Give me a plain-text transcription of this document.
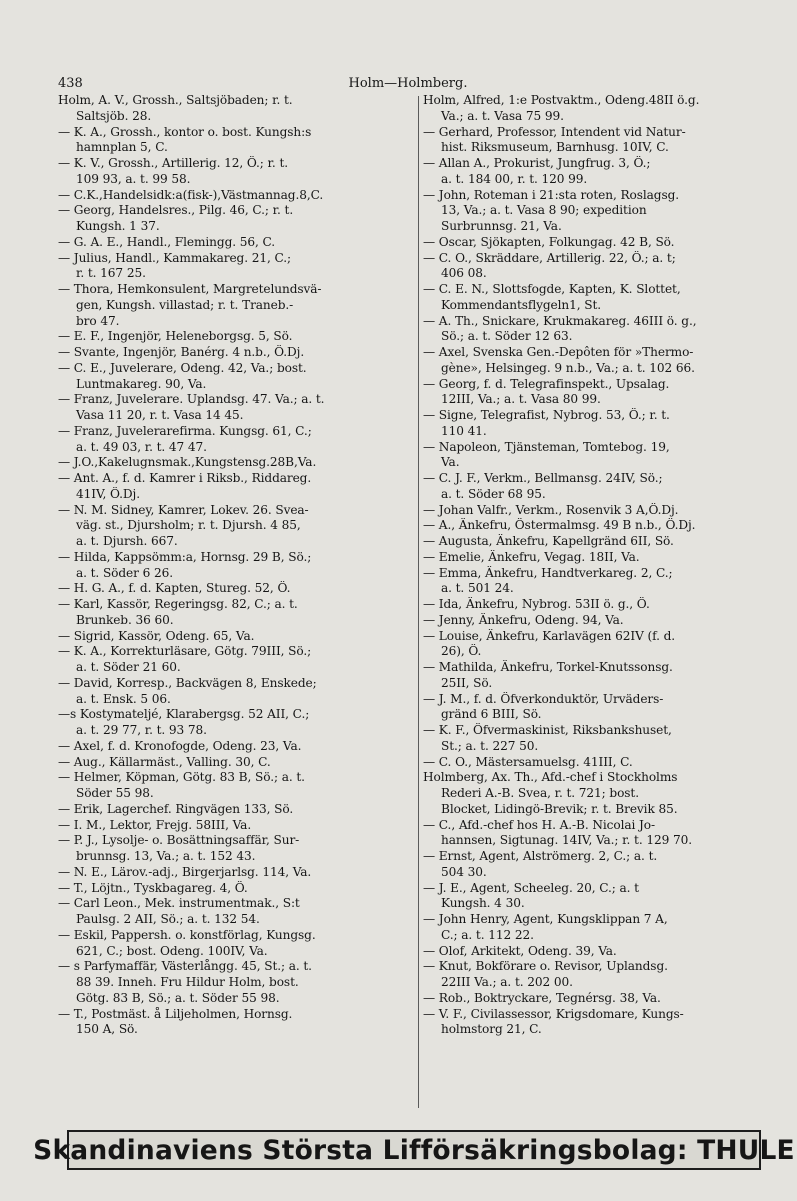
438	Holm—Holmberg.
Holm, A. V., Grossh., Saltsjöbaden; r. t.
Saltsjöb. 28.
— K. A., Grossh., kontor o. bost. Kungsh:s
hamnplan 5, C.
— K. V., Grossh., Artillerig. 12, Ö.; r. t.
109 93, a. t. 99 58.
— C.K.,Handelsidk:a(fisk-),Västmannag.8,C.
— Georg, Handelsres., Pilg. 46, C.; r. t.
Kungsh. 1 37.
— G. A. E., Handl., Flemingg. 56, C.
— Julius, Handl., Kammakareg. 21, C.;
r. t. 167 25.
— Thora, Hemkonsulent, Margretelundsvä-
gen, Kungsh. villastad; r. t. Traneb.-
bro 47.
— E. F., Ingenjör, Heleneborgsg. 5, Sö.
— Svante, Ingenjör, Banérg. 4 n.b., Ö.Dj.
— C. E., Juvelerare, Odeng. 42, Va.; bost.
Luntmakareg. 90, Va.
— Franz, Juvelerare. Uplandsg. 47. Va.; a. t.
Vasa 11 20, r. t. Vasa 14 45.
— Franz, Juvelerarefirma. Kungsg. 61, C.;
a. t. 49 03, r. t. 47 47.
— J.O.,Kakelugnsmak.,Kungstensg.28B,Va.
— Ant. A., f. d. Kamrer i Riksb., Riddareg.
41IV, Ö.Dj.
— N. M. Sidney, Kamrer, Lokev. 26. Svea-
väg. st., Djursholm; r. t. Djursh. 4 85,
a. t. Djursh. 667.
— Hilda, Kappsömm:a, Hornsg. 29 B, Sö.;
a. t. Söder 6 26.
— H. G. A., f. d. Kapten, Stureg. 52, Ö.
— Karl, Kassör, Regeringsg. 82, C.; a. t.
Brunkeb. 36 60.
— Sigrid, Kassör, Odeng. 65, Va.
— K. A., Korrekturläsare, Götg. 79III, Sö.;
a. t. Söder 21 60.
— David, Korresp., Backvägen 8, Enskede;
a. t. Ensk. 5 06.
—s Kostymatelјé, Klarabergsg. 52 AII, C.;
a. t. 29 77, r. t. 93 78.
— Axel, f. d. Kronofogde, Odeng. 23, Va.
— Aug., Källarmäst., Valling. 30, C.
— Helmer, Köpman, Götg. 83 B, Sö.; a. t.
Söder 55 98.
— Erik, Lagerchef. Ringvägen 133, Sö.
— I. M., Lektor, Frejg. 58III, Va.
— P. J., Lysolje- o. Bosättningsaffär, Sur-
brunnsg. 13, Va.; a. t. 152 43.
— N. E., Lärov.-adj., Birgerjarlsg. 114, Va.
— T., Löjtn., Tyskbagareg. 4, Ö.
— Carl Leon., Mek. instrumentmak., S:t
Paulsg. 2 AII, Sö.; a. t. 132 54.
— Eskil, Pappersh. o. konstförlag, Kungsg.
621, C.; bost. Odeng. 100IV, Va.
— s Parfymaffär, Västerlångg. 45, St.; a. t.
88 39. Inneh. Fru Hildur Holm, bost.
Götg. 83 B, Sö.; a. t. Söder 55 98.
— T., Postmäst. å Liljeholmen, Hornsg.
150 A, Sö.
Holm, Alfred, 1:e Postvaktm., Odeng.48II ö.g.
Va.; a. t. Vasa 75 99.
— Gerhard, Professor, Intendent vid Natur-
hist. Riksmuseum, Barnhusg. 10IV, C.
— Allan A., Prokurist, Jungfrug. 3, Ö.;
a. t. 184 00, r. t. 120 99.
— John, Roteman i 21:sta roten, Roslagsg.
13, Va.; a. t. Vasa 8 90; expedition
Surbrunnsg. 21, Va.
— Oscar, Sjökapten, Folkungag. 42 B, Sö.
— C. O., Skräddare, Artillerig. 22, Ö.; a. t;
406 08.
— C. E. N., Slottsfogde, Kapten, K. Slottet,
Kommendantsflygeln1, St.
— A. Th., Snickare, Krukmakareg. 46III ö. g.,
Sö.; a. t. Söder 12 63.
— Axel, Svenska Gen.-Depôten för »Thermo-
gène», Helsingeg. 9 n.b., Va.; a. t. 102 66.
— Georg, f. d. Telegrafinspekt., Upsalag.
12III, Va.; a. t. Vasa 80 99.
— Signe, Telegrafist, Nybrog. 53, Ö.; r. t.
110 41.
— Napoleon, Tjänsteman, Tomtebog. 19,
Va.
— C. J. F., Verkm., Bellmansg. 24IV, Sö.;
a. t. Söder 68 95.
— Johan Valfr., Verkm., Rosenvik 3 A,Ö.Dj.
— A., Änkefru, Östermalmsg. 49 B n.b., Ö.Dj.
— Augusta, Änkefru, Kapellgränd 6II, Sö.
— Emelie, Änkefru, Vegag. 18II, Va.
— Emma, Änkefru, Handtverkareg. 2, C.;
a. t. 501 24.
— Ida, Änkefru, Nybrog. 53II ö. g., Ö.
— Jenny, Änkefru, Odeng. 94, Va.
— Louise, Änkefru, Karlavägen 62IV (f. d.
26), Ö.
— Mathilda, Änkefru, Torkel-Knutssonsg.
25II, Sö.
— J. M., f. d. Öfverkonduktör, Urväders-
gränd 6 BIII, Sö.
— K. F., Öfvermaskinist, Riksbankshuset,
St.; a. t. 227 50.
— C. O., Mästersamuelsg. 41III, C.
Holmberg, Ax. Th., Afd.-chef i Stockholms
Rederi A.-B. Svea, r. t. 721; bost.
Blocket, Lidingö-Brevik; r. t. Brevik 85.
— C., Afd.-chef hos H. A.-B. Nicolai Jo-
hannsen, Sigtunag. 14IV, Va.; r. t. 129 70.
— Ernst, Agent, Alströmerg. 2, C.; a. t.
504 30.
— J. E., Agent, Scheeleg. 20, C.; a. t
Kungsh. 4 30.
— John Henry, Agent, Kungsklippan 7 A,
C.; a. t. 112 22.
— Olof, Arkitekt, Odeng. 39, Va.
— Knut, Bokförare o. Revisor, Uplandsg.
22III Va.; a. t. 202 00.
— Rob., Boktryckare, Tegnérsg. 38, Va.
— V. F., Civilassessor, Krigsdomare, Kungs-
holmstorg 21, C.
Skandinaviens Största Lifförsäkringsbolag: THULE
